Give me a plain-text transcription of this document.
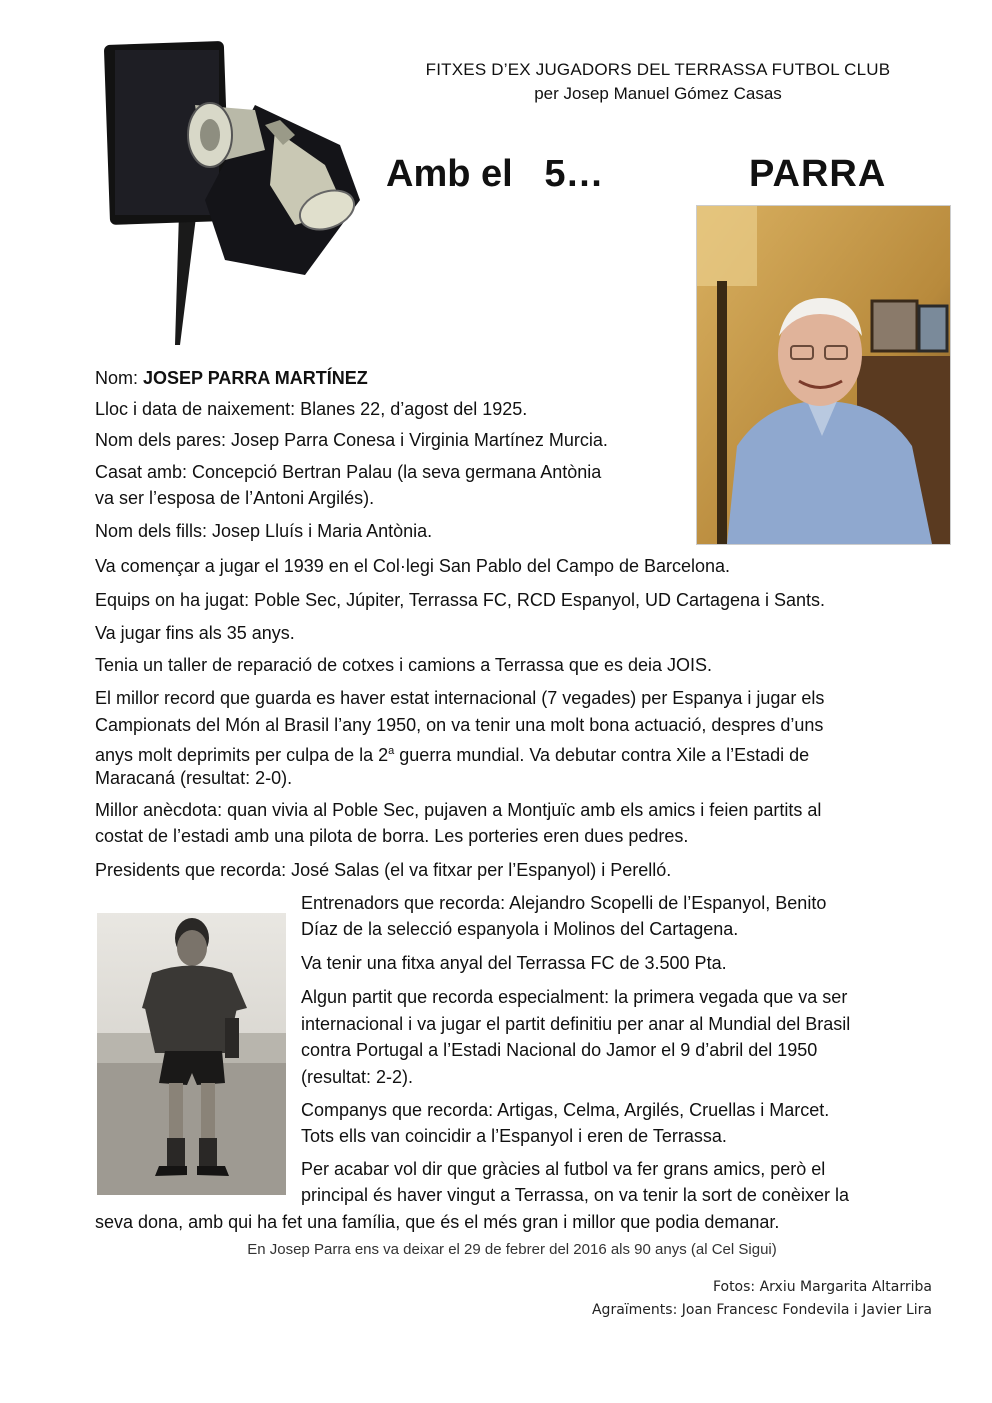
FITXES D’EX JUGADORS DEL TERRASSA FUTBOL CLUB
per Josep Manuel Gómez Casas
Amb el   5…	PARRA
Nom: JOSEP PARRA MARTÍNEZ
Lloc i data de naixement: Blanes 22, d’agost del 1925.
Nom dels pares: Josep Parra Conesa i Virginia Martínez Murcia.
Casat amb: Concepció Bertran Palau (la seva germana Antònia
va ser l’esposa de l’Antoni Argilés).
Nom dels fills: Josep Lluís i Maria Antònia.
Va començar a jugar el 1939 en el Col·legi San Pablo del Campo de Barcelona.
Equips on ha jugat: Poble Sec, Júpiter, Terrassa FC, RCD Espanyol, UD Cartagena i Sants.
Va jugar fins als 35 anys.
Tenia un taller de reparació de cotxes i camions a Terrassa que es deia JOIS.
El millor record que guarda es haver estat internacional (7 vegades) per Espanya i jugar els
Campionats del Món al Brasil l’any 1950, on va tenir una molt bona actuació, despres d’uns
anys molt deprimits per culpa de la 2$^a$ guerra mundial. Va debutar contra Xile a l’Estadi de
Maracaná (resultat: 2-0).
Millor anècdota: quan vivia al Poble Sec, pujaven a Montjuïc amb els amics i feien partits al
costat de l’estadi amb una pilota de borra. Les porteries eren dues pedres.
Presidents que recorda: José Salas (el va fitxar per l’Espanyol) i Perelló.
Entrenadors que recorda: Alejandro Scopelli de l’Espanyol, Benito
Díaz de la selecció espanyola i Molinos del Cartagena.
Va tenir una fitxa anyal del Terrassa FC de 3.500 Pta.
Algun partit que recorda especialment: la primera vegada que va ser
internacional i va jugar el partit definitiu per anar al Mundial del Brasil
contra Portugal a l’Estadi Nacional do Jamor el 9 d’abril del 1950
(resultat: 2-2).
Companys que recorda: Artigas, Celma, Argilés, Cruellas i Marcet.
Tots ells van coincidir a l’Espanyol i eren de Terrassa.
Per acabar vol dir que gràcies al futbol va fer grans amics, però el
principal és haver vingut a Terrassa, on va tenir la sort de conèixer la
seva dona, amb qui ha fet una família, que és el més gran i millor que podia demanar.
En Josep Parra ens va deixar el 29 de febrer del 2016 als 90 anys (al Cel Sigui)
Fotos: Arxiu Margarita Altarriba
Agraïments: Joan Francesc Fondevila i Javier Lira
